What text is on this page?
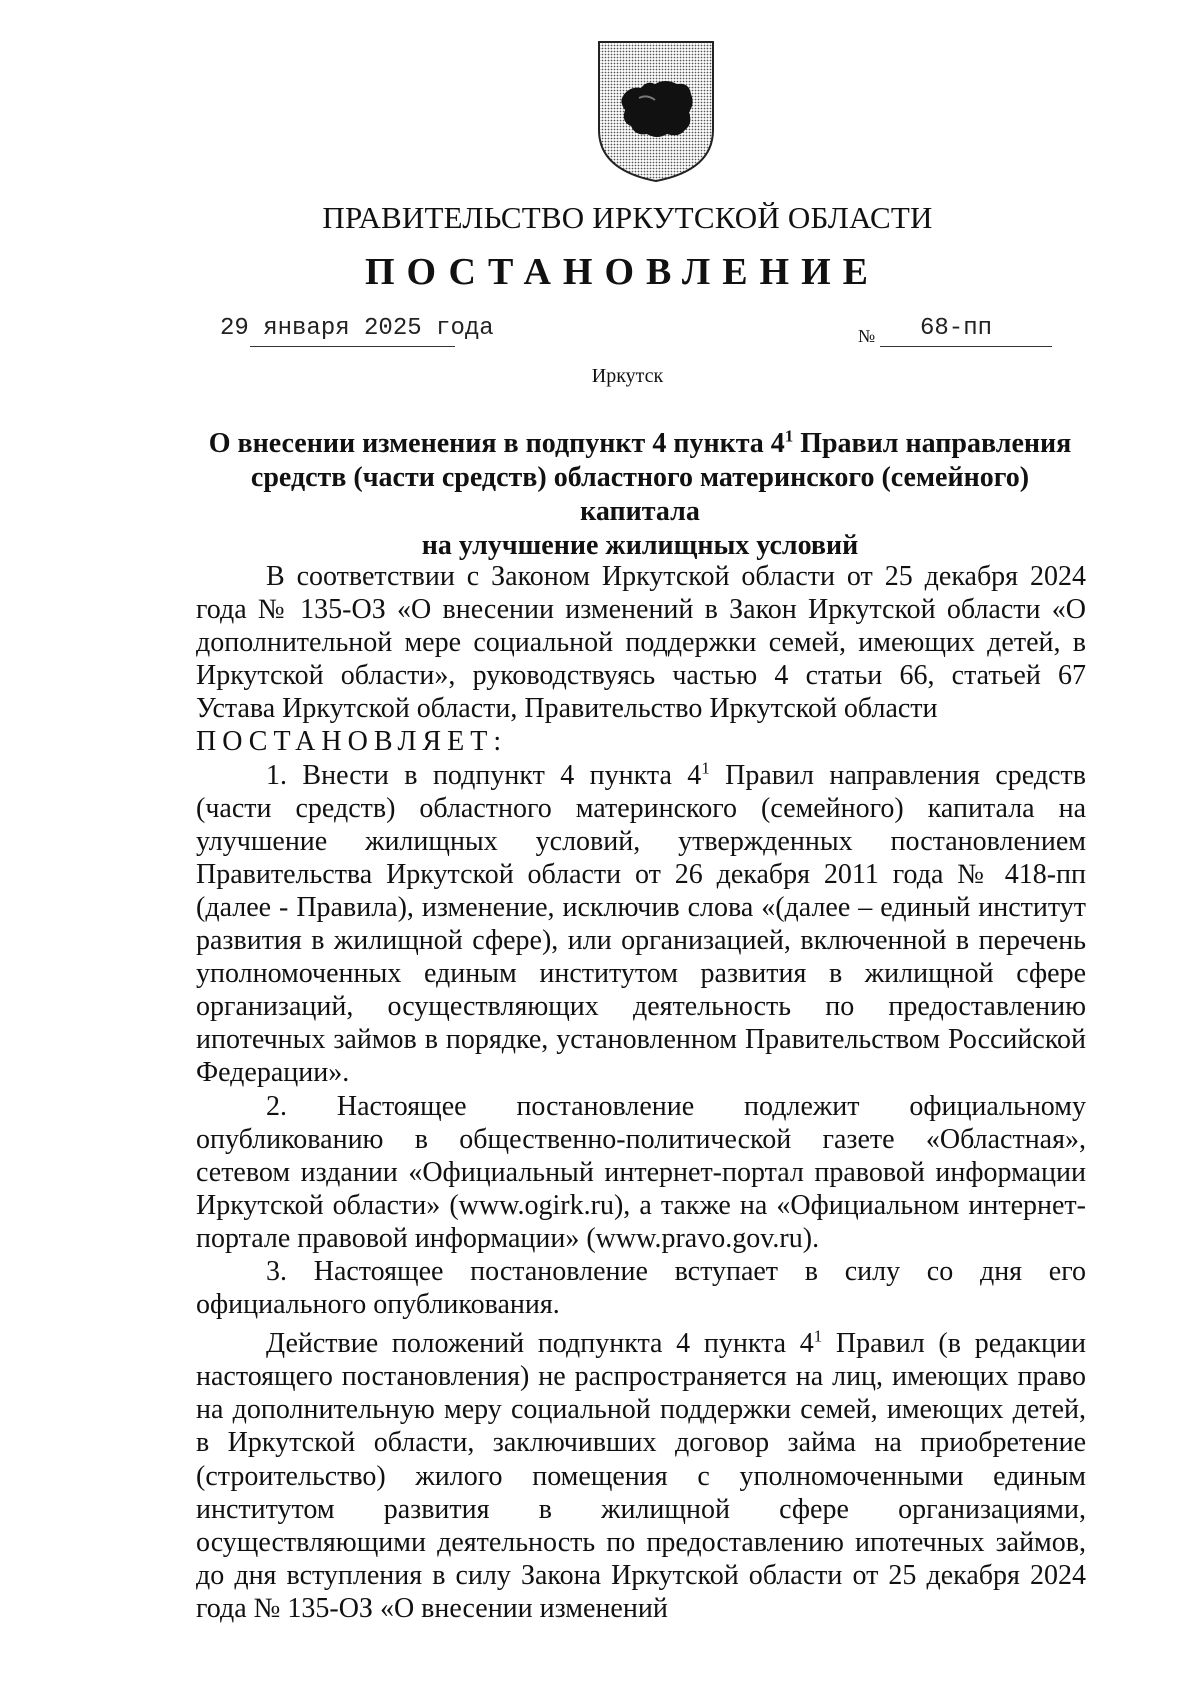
ПРАВИТЕЛЬСТВО ИРКУТСКОЙ ОБЛАСТИ
ПОСТАНОВЛЕНИЕ
29 января 2025 года	№ 68-пп
Иркутск
О внесении изменения в подпункт 4 пункта $4^1$ Правил направления
средств (части средств) областного материнского (семейного) капитала
на улучшение жилищных условий

В соответствии с Законом Иркутской области от 25 декабря 2024 года № 135-ОЗ «О внесении изменений в Закон Иркутской области «О дополнительной мере социальной поддержки семей, имеющих детей, в Иркутской области», руководствуясь частью 4 статьи 66, статьей 67 Устава Иркутской области, Правительство Иркутской области

ПОСТАНОВЛЯЕТ:

1. Внести в подпункт 4 пункта $4^1$ Правил направления средств (части средств) областного материнского (семейного) капитала на улучшение жилищных условий, утвержденных постановлением Правительства Иркутской области от 26 декабря 2011 года № 418-пп (далее - Правила), изменение, исключив слова «(далее – единый институт развития в жилищной сфере), или организацией, включенной в перечень уполномоченных единым институтом развития в жилищной сфере организаций, осуществляющих деятельность по предоставлению ипотечных займов в порядке, установленном Правительством Российской Федерации».

2. Настоящее постановление подлежит официальному опубликованию в общественно-политической газете «Областная», сетевом издании «Официальный интернет-портал правовой информации Иркутской области» (www.ogirk.ru), а также на «Официальном интернет-портале правовой информации» (www.pravo.gov.ru).

3. Настоящее постановление вступает в силу со дня его официального опубликования.

Действие положений подпункта 4 пункта $4^1$ Правил (в редакции настоящего постановления) не распространяется на лиц, имеющих право на дополнительную меру социальной поддержки семей, имеющих детей, в Иркутской области, заключивших договор займа на приобретение (строительство) жилого помещения с уполномоченными единым институтом развития в жилищной сфере организациями, осуществляющими деятельность по предоставлению ипотечных займов, до дня вступления в силу Закона Иркутской области от 25 декабря 2024 года № 135-ОЗ «О внесении изменений
